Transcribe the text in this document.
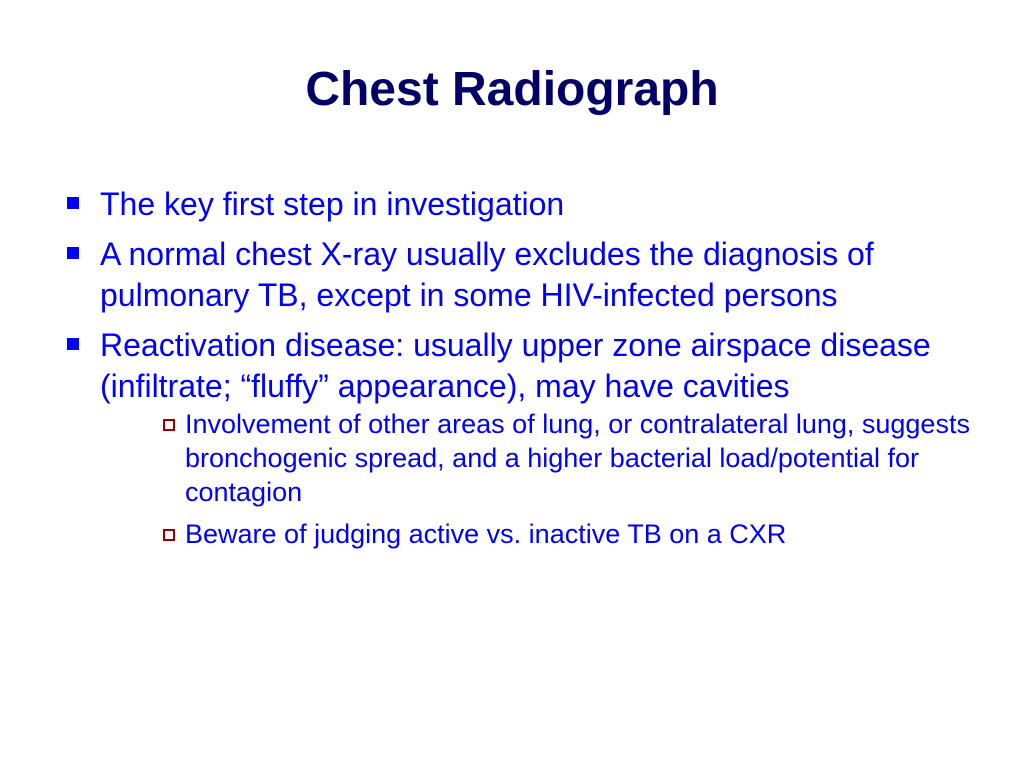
Chest Radiograph
The key first step in investigation
A normal chest X-ray usually excludes the diagnosis of pulmonary TB, except in some HIV-infected persons
Reactivation disease: usually upper zone airspace disease (infiltrate; “fluffy” appearance), may have cavities
Involvement of other areas of lung, or contralateral lung, suggests bronchogenic spread, and a higher bacterial load/potential for contagion
Beware of judging active vs. inactive TB on a CXR
